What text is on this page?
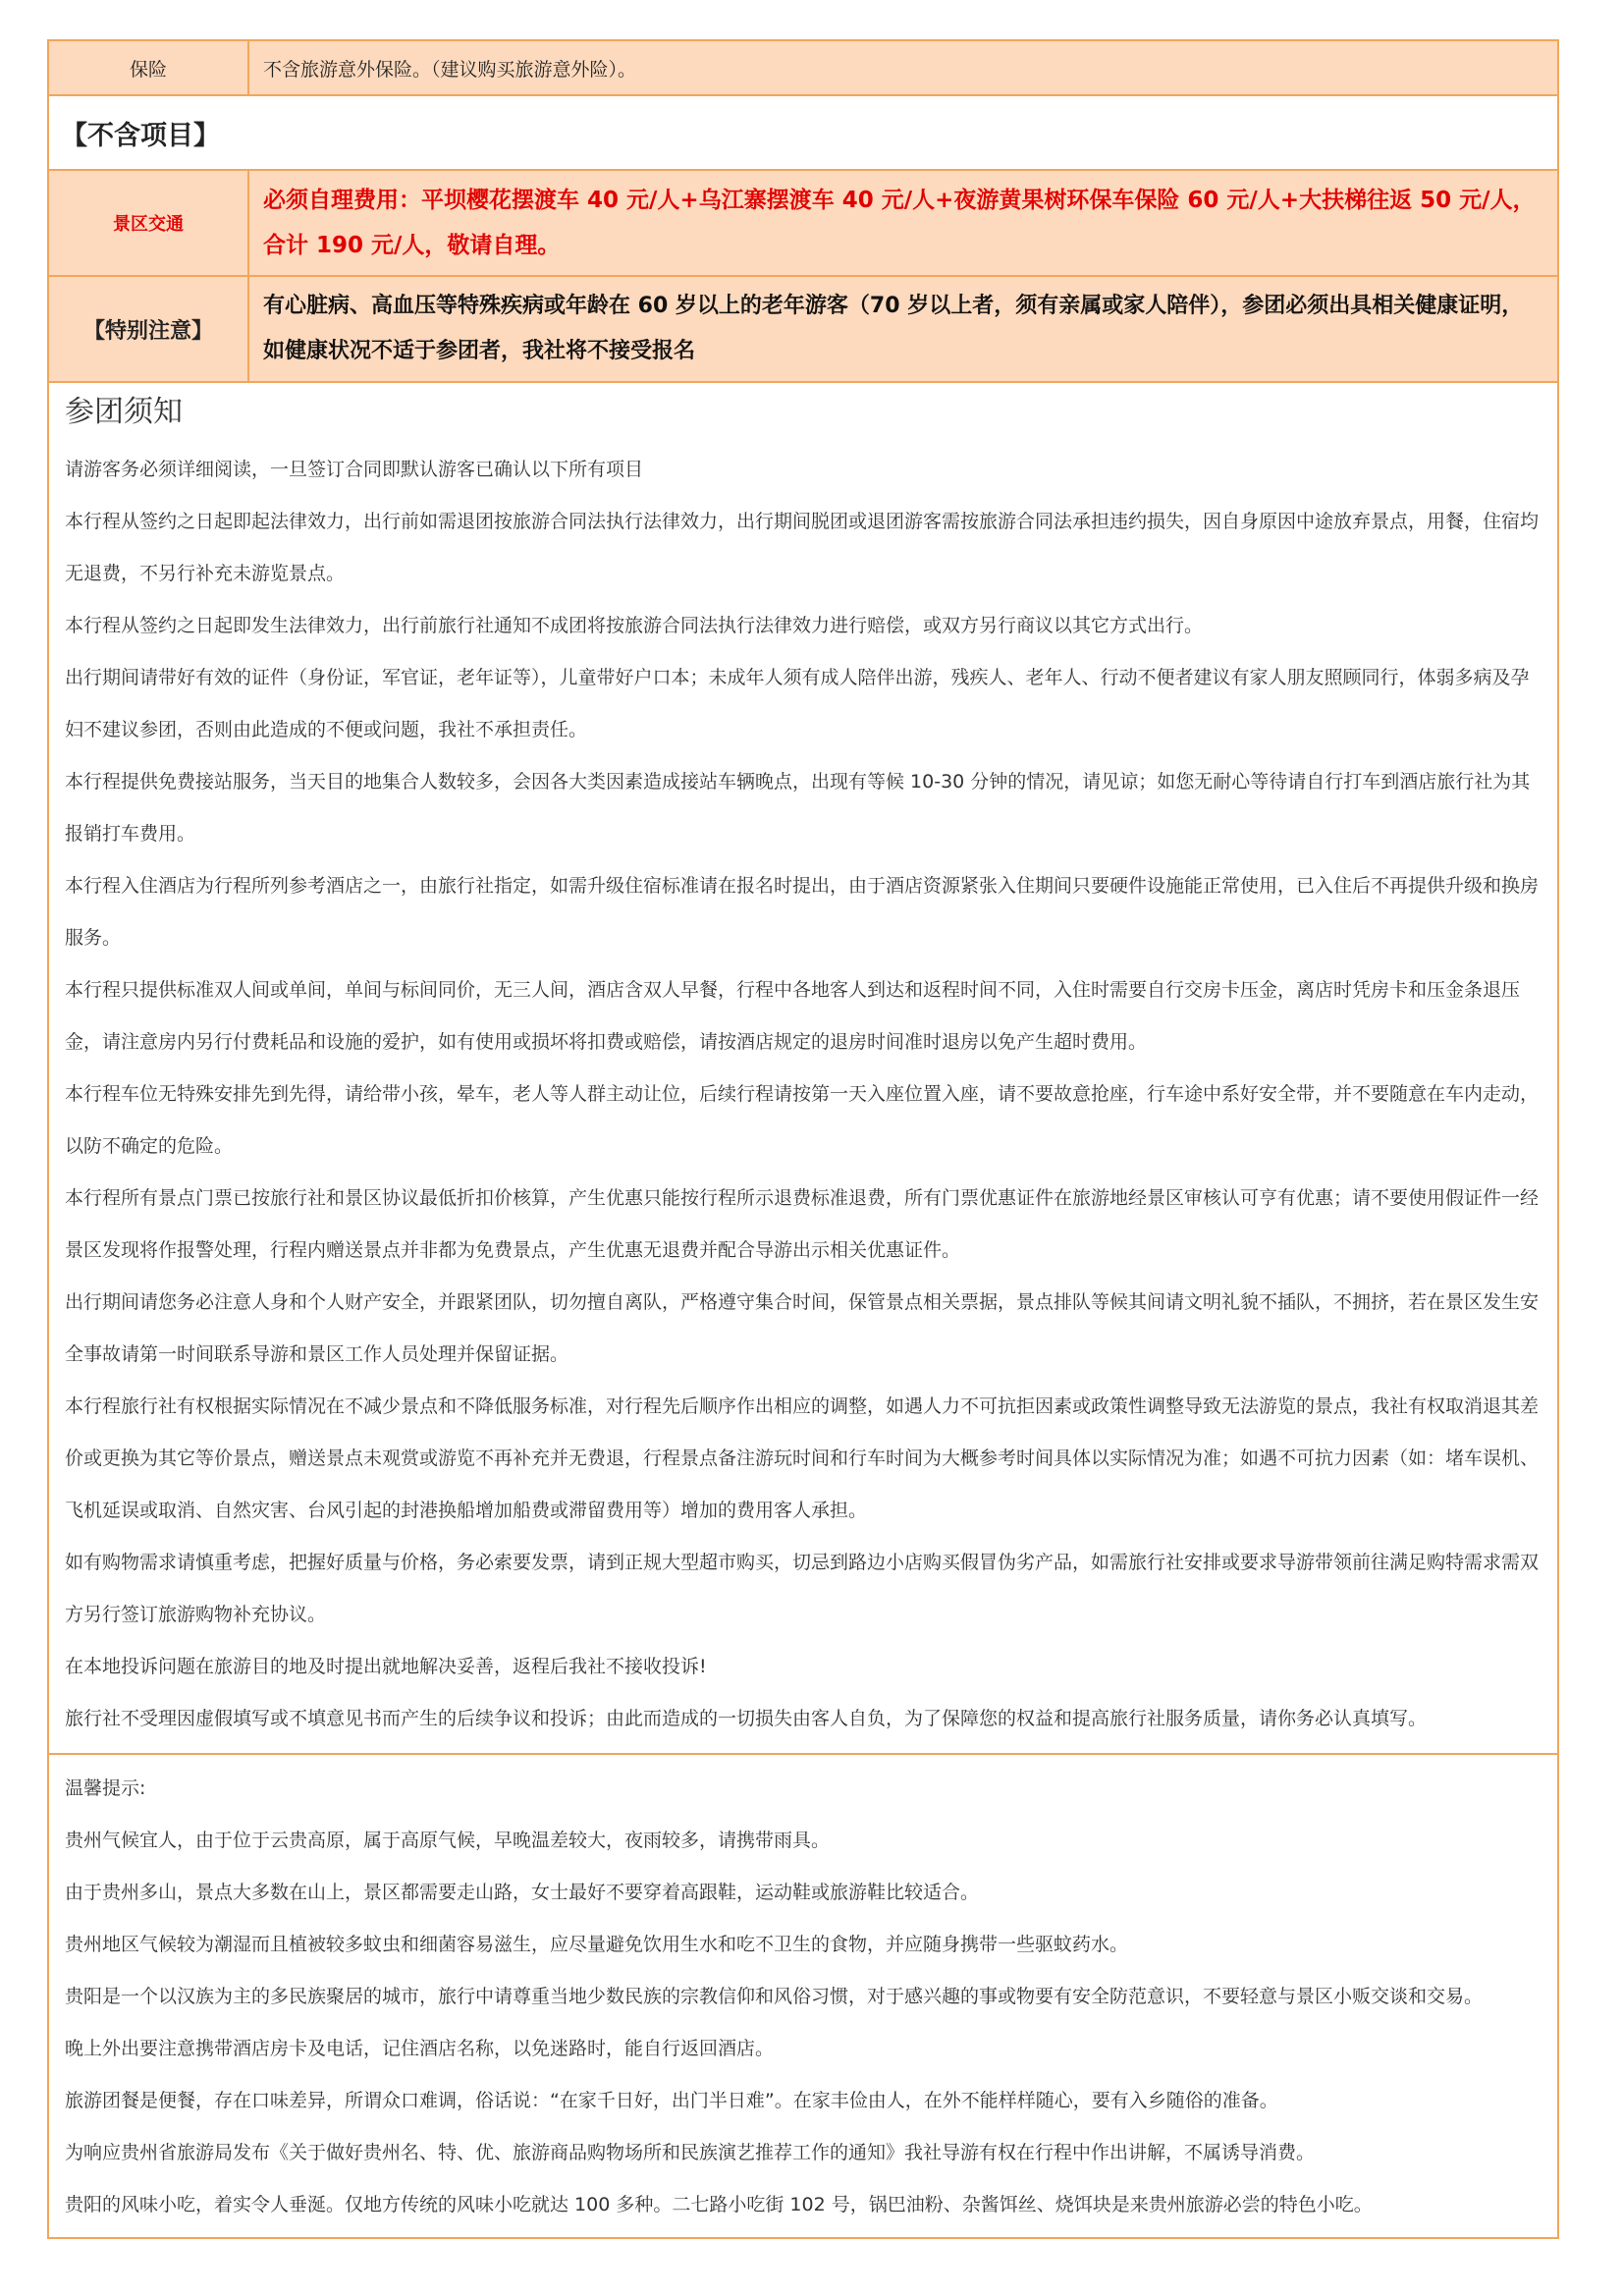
保险	不含旅游意外保险。（建议购买旅游意外险）。
【不含项目】
景区交通
必须自理费用：平坝樱花摆渡车 40 元/人+乌江寨摆渡车 40 元/人+夜游黄果树环保车保险 60 元/人+大扶梯往返 50 元/人，合计 190 元/人，敬请自理。
【特别注意】
有心脏病、高血压等特殊疾病或年龄在 60 岁以上的老年游客（70 岁以上者，须有亲属或家人陪伴），参团必须出具相关健康证明，如健康状况不适于参团者，我社将不接受报名
参团须知

请游客务必须详细阅读，一旦签订合同即默认游客已确认以下所有项目

本行程从签约之日起即起法律效力，出行前如需退团按旅游合同法执行法律效力，出行期间脱团或退团游客需按旅游合同法承担违约损失，因自身原因中途放弃景点，用餐，住宿均无退费，不另行补充未游览景点。

本行程从签约之日起即发生法律效力，出行前旅行社通知不成团将按旅游合同法执行法律效力进行赔偿，或双方另行商议以其它方式出行。

出行期间请带好有效的证件（身份证，军官证，老年证等），儿童带好户口本；未成年人须有成人陪伴出游，残疾人、老年人、行动不便者建议有家人朋友照顾同行，体弱多病及孕妇不建议参团，否则由此造成的不便或问题，我社不承担责任。

本行程提供免费接站服务，当天目的地集合人数较多，会因各大类因素造成接站车辆晚点，出现有等候 10-30 分钟的情况，请见谅；如您无耐心等待请自行打车到酒店旅行社为其报销打车费用。

本行程入住酒店为行程所列参考酒店之一，由旅行社指定，如需升级住宿标准请在报名时提出，由于酒店资源紧张入住期间只要硬件设施能正常使用，已入住后不再提供升级和换房服务。

本行程只提供标准双人间或单间，单间与标间同价，无三人间，酒店含双人早餐，行程中各地客人到达和返程时间不同，入住时需要自行交房卡压金，离店时凭房卡和压金条退压金，请注意房内另行付费耗品和设施的爱护，如有使用或损坏将扣费或赔偿，请按酒店规定的退房时间准时退房以免产生超时费用。

本行程车位无特殊安排先到先得，请给带小孩，晕车，老人等人群主动让位，后续行程请按第一天入座位置入座，请不要故意抢座，行车途中系好安全带，并不要随意在车内走动，以防不确定的危险。

本行程所有景点门票已按旅行社和景区协议最低折扣价核算，产生优惠只能按行程所示退费标准退费，所有门票优惠证件在旅游地经景区审核认可亨有优惠；请不要使用假证件一经景区发现将作报警处理，行程内赠送景点并非都为免费景点，产生优惠无退费并配合导游出示相关优惠证件。

出行期间请您务必注意人身和个人财产安全，并跟紧团队，切勿擅自离队，严格遵守集合时间，保管景点相关票据，景点排队等候其间请文明礼貌不插队，不拥挤，若在景区发生安全事故请第一时间联系导游和景区工作人员处理并保留证据。

本行程旅行社有权根据实际情况在不减少景点和不降低服务标准，对行程先后顺序作出相应的调整，如遇人力不可抗拒因素或政策性调整导致无法游览的景点，我社有权取消退其差价或更换为其它等价景点，赠送景点未观赏或游览不再补充并无费退，行程景点备注游玩时间和行车时间为大概参考时间具体以实际情况为准；如遇不可抗力因素（如：堵车误机、飞机延误或取消、自然灾害、台风引起的封港换船增加船费或滞留费用等）增加的费用客人承担。

如有购物需求请慎重考虑，把握好质量与价格，务必索要发票，请到正规大型超市购买，切忌到路边小店购买假冒伪劣产品，如需旅行社安排或要求导游带领前往满足购特需求需双方另行签订旅游购物补充协议。

在本地投诉问题在旅游目的地及时提出就地解决妥善，返程后我社不接收投诉!

旅行社不受理因虚假填写或不填意见书而产生的后续争议和投诉；由此而造成的一切损失由客人自负，为了保障您的权益和提高旅行社服务质量，请你务必认真填写。

温馨提示:

贵州气候宜人，由于位于云贵高原，属于高原气候，早晚温差较大，夜雨较多，请携带雨具。

由于贵州多山，景点大多数在山上，景区都需要走山路，女士最好不要穿着高跟鞋，运动鞋或旅游鞋比较适合。

贵州地区气候较为潮湿而且植被较多蚊虫和细菌容易滋生，应尽量避免饮用生水和吃不卫生的食物，并应随身携带一些驱蚊药水。

贵阳是一个以汉族为主的多民族聚居的城市，旅行中请尊重当地少数民族的宗教信仰和风俗习惯，对于感兴趣的事或物要有安全防范意识，不要轻意与景区小贩交谈和交易。

晚上外出要注意携带酒店房卡及电话，记住酒店名称，以免迷路时，能自行返回酒店。

旅游团餐是便餐，存在口味差异，所谓众口难调，俗话说：“在家千日好，出门半日难”。在家丰俭由人，在外不能样样随心，要有入乡随俗的准备。

为响应贵州省旅游局发布《关于做好贵州名、特、优、旅游商品购物场所和民族演艺推荐工作的通知》我社导游有权在行程中作出讲解，不属诱导消费。

贵阳的风味小吃，着实令人垂涎。仅地方传统的风味小吃就达 100 多种。二七路小吃街 102 号，锅巴油粉、杂酱饵丝、烧饵块是来贵州旅游必尝的特色小吃。
